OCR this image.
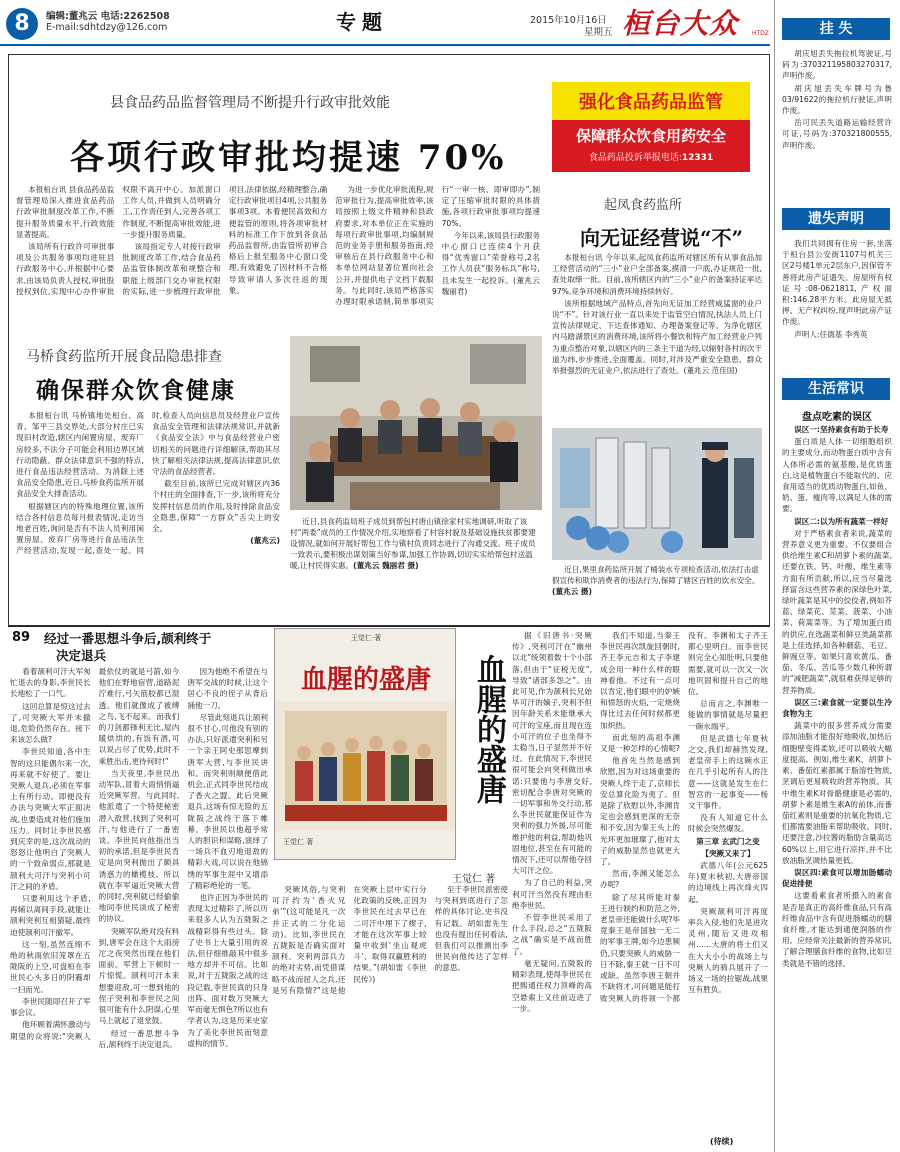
8	编辑:董兆云 电话:2262508
E-mail:sdhtdzy@126.com	专题	2015年10月16日
星期五 桓台大众 HTDZ
县食品药品监督管理局不断提升行政审批效能
各项行政审批均提速 70%

本报桓台讯 县食品药品监督管理局深入推进食品药品行政审批制度改革工作,不断提升服务质量水平,行政效能显著提高。

该局所有行政许可审批事项及公共服务事项均进驻县行政服务中心,并根据中心要求,由该局负责人授权,审批股授权到位,实现中心办件审批权限不离开中心。加派窗口工作人员,并做到人员明确分工,工作责任到人,完善各项工作制度,不断提高审批效能,进一步提升服务质量。

该局指定专人对接行政审批制度改革工作,结合食品药品监管体制改革和规整合和职能上级部门交办审批权限的实际,进一步梳理行政审批项目,法律依据,经精理整合,确定行政审批项目4项,公共服务事项3项。本着便民高效和方便监管的原则,将各项审批材料的标准工作下放到各食品药品监督所,由监管所初审合格后上报至服务中心窗口受理,有效避免了因材料不合格导致审请人多次往返的现象。

为进一步优化审批流程,规范审批行为,提高审批效率,该局按照上级文件精神和县政府要求,对本单位正在实施的每项行政审批事项,均编制规范的业务手册和服务指南,经审核后在县行政服务中心和本单位网站显著位置向社会公开,并提供电子文档下载服务。与此同时,该局严格落实办理时限承诺制,简单事项实行“一审一核、即审即办”,制定了压缩审批时限的具体措施,各项行政审批事项均提速70%。

今年以来,该局县行政服务中心窗口已连续4个月获得“优秀窗口”荣誉称号,2名工作人员获“服务标兵”称号,且未发生一起投诉。(董兆云 魏丽君)

强化食品药品监管
保障群众饮食用药安全
食品药品投诉举报电话:12331
起凤食药监所
向无证经营说“不”

本报桓台讯 今年以来,起凤食药监所对辖区所有从事食品加工经营活动的“三小”业户全部备案,摸清一户底,办证规范一批,查处取缔一批。目前,该所辖区内的“三小”业户的备案持证率达97%,竞争环境和消费环境持续转好。

该所根据地域产品特点,首先向无证加工经营威猛窗的业户说“不”。针对该行业一直以来处于监管空白情况,执法人员上门宣传法律规定、下达查体通知、办理备案登记等。为净化辖区内马踏湖景区的消费环境,该所将小餐饮和特产加工经营业户列为重点整治对象,以辖区内的三条主干道为经,以辐射各村的次干道为纬,步步推进,全面覆盖。同时,对涉及严重安全隐患、群众举报强烈的无证业户,依法进行了查处。(董兆云 范佳国)

近日,果里食药监所开展了桶装水专项检查活动,依法打击虚假宣传和欺诈消费者的违法行为,保障了辖区百姓的饮水安全。(董兆云 摄)
马桥食药监所开展食品隐患排查
确保群众饮食健康

本报桓台讯 马桥镇地处桓台、高青、邹平三县交界处,大部分村庄已实现旧村改造,辖区内闲置房屋、废弃厂房较多,不法分子可能会利用边界区域行动隐蔽、群众法律意识不强的特点,进行食品违法经营活动。为消除上述食品安全隐患,近日,马桥食药监所开展食品安全大排查活动。

根据辖区内的特殊地理位置,该所结合各村信息员每月报表情况,走访当地老百姓,询问是否有不法人员利用闲置房屋、废弃厂房等进行食品违法生产经营活动,发现一起,查处一起。同时,检查人员向信息员及经营业户宣传食品安全管理和法律法规常识,并就新《食品安全法》中与食品经营业户密切相关的问题进行详细解读,帮助其尽快了解相关法律法规,提高法律意识,依守法的食品经营者。

截至目前,该所已完成对辖区内36个村庄的全面排查,下一步,该所将充分发挥村信息员的作用,及时排除食品安全隐患,保障“一方群众”舌尖上的安全。

(董兆云)

近日,县食药监局班子成员到帮包村唐山镇徐家村实地调研,听取了该村“两委”成员的工作情况介绍,实地察看了村容村貌及基础设施扶贫都要建设情况,就如何开展好帮包工作与镇村负责同志进行了沟通交流。班子成员一致表示,要积极出谋划策当好参谋,加强工作协调,切切实实给帮包村送温暖,让村民得实惠。(董兆云 魏丽君 摄)
89 经过一番思想斗争后,颉利终于
决定退兵
王觉仁·著
血腥的盛唐
王觉仁 著
血腥的盛唐
王觉仁 著

看着颉利可汗大军匆忙退去的身影,李世民长长地松了一口气。

这回总算是惊这过去了,可突厥大军并未撤退,危险仍然存在。接下来该怎么做?

李世民知道,各中生智的这只能偶尔来一次,再来就不好使了。要让突厥人退兵,必须在军事上有所行动。即便没有办法与突厥大军正面决战,也要造成对他们施加压力。同时让李世民感到庆幸的是,这次战动的怒怒让他明白了突厥人的一个致命弱点,那就是颉利大可汗与突利小可汗之间的矛盾。

只要利用这个矛盾,再辅以离间手段,就能让颉利突利互相猜疑,最终迫使颉利可汗撤军。

这一刻,虽然连绵不绝的秋雨依旧笼罩在五陇阪的上空,可盘桓在李世民心头多日的阴霾却一扫而光。

李世民随即召开了军事会议。

他环顾着满怀激动与期望的众将说:“突厥人最依仗的就是弓箭,如今他们在野地宿营,道路泥泞难行,弓矢筋胶都已湿透。他们就像成了被缚之鸟,飞不起来。而我们的刀剑都锋利无比,屋内暖烘烘的,有饭有酒,可以说占尽了优势,此时不乘胜出击,更待何时!”

当天夜里,李世民出动军队,冒着大雨悄悄逼近突厥军营。与此同时,他派遣了一个特使秘密潜入敌营,找到了突利可汗,与他进行了一番密谈。李世民向他指出当初的承诺,但是李世民肯定是向突利抛出了颇具诱惑力的橄榄枝。所以就在李军逼近突厥大营的同时,突利就已经偷偷地同李世民谈成了秘密的协议。

突厥军队绝对没有料到,唐军会在这个大雨滂沱之夜突然出现在他们面前。军营上下顿时一片惊慌。颉利可汗本来想要迎敌,可一想到他的侄子突利和李世民之间很可能有什么阴谋,心里马上就起了退堂鼓。

经过一番思想斗争后,颉利终于决定退兵。

因为他绝不希望在与唐军交战的时候,让这个居心不良的侄子从背后捅他一刀。

尽管此刻退兵让颉利很不甘心,可他没有别的办法,只好派遣突利和另一个亲王阿史那思摩到唐军大营,与李世民讲和。而突利则顺便借此机会,正式同李世民结成了香火之盟。此后突厥退兵,这场有惊无险的五陇阪之战终于落下帷幕。李世民以他超乎常人的胆识和谋略,演绎了一场兵不血刃地退敌的精彩大戏,可以说在他锦绣的军事生涯中又增添了精彩绝伦的一笔。

也许正因为李世民的表现太过精彩了,所以历来很多人认为五陇阪之战精彩得有些过头。除了史书上大量引用的说法,但仔细推敲其中很多地方却并不可信。比如说,对于五陇阪之战的这段记载,李世民真的只身出阵、面对数万突厥大军而毫无惧色?所以也有学者认为,这是历来史家为了美化李世民而刻意虚构的情节。

突厥风俗,与突利可汗约为‘香火兄弟’”(这可能是凡一次并正式的二分化运动)。比如,李世民在五陇阪是否确实面对颉利、突利两部兵力的绝对劣势,而凭借谋略不战而屈人之兵,还是另有隐情?“这是他在突厥上层中实行分化政策的反映,正因为李世民在过去早已在二可汗中埋下了楔子,才能在这次军事上较量中收到‘坐山观虎斗’、取得双赢胜利的结果。”(胡如雷《李世民传》)

至于李世民派密使与突利到底进行了怎样的具体讨论,史书没有记载。胡如雷先生也没有提出任何看法,但我们可以推测出李世民向他传达了怎样的意思。

据《旧唐书·突厥传》,突利可汗在“幽州以北”统领着数十个小部落,但由于“征税无度”,导致“诸部多怨之”。由此可见,作为颉利长兄始毕可汗的嫡子,突利不但因年龄关系未能继承大可汗的宝座,而且现在连小可汗的位子也坐得不太稳当,日子显然并不好过。在此情况下,李世民很可能会向突利做出承诺:只要他与李唐交好,密切配合李唐对突厥的一切军事和外交行动,那么李世民就能保证作为突利的强力外援,尽可能维护他的利益,帮助他巩固地位,甚至在有可能的情况下,还可以帮他夺回大可汗之位。

为了自己的利益,突利可汗当然没有理由拒绝李世民。

不管李世民采用了什么手段,总之“五陇阪之战”确实是不战而胜了。

毫无疑问,五陇阪的精彩表现,使得李世民在把熙通往权力顶峰的高空悬索上又往前迈进了一步。

我们不知道,当秦王李世民再次凯旋回朝时,齐王李元吉和太子李建成会用一种什么样的眼神看他。不过有一点可以肯定,他们眼中的妒嫉和愤怒的火焰,一定烧烧得比过去任何时候都更加炽热。

而此刻的高祖李渊又是一种怎样的心情呢?

他首先当然是感到欣慰,因为对这场重要的突厥人终于走了,京师长安总算化险为夷了。但是除了欣慰以外,李渊肯定也会感到更深的无奈和不安,因为秦王头上的光环更加璀璨了,他对太子的威胁显然也就更大了。

然而,李渊又能怎么办呢?

除了尽其所能对秦王进行制约和防范之外,老皇帝还能做什么呢?毕竟秦王是帝国独一无二的军事王牌,如今边患频仍,只要突厥人的威胁一日不除,秦王就一日不可或缺。虽然李唐王朝并不缺将才,可问题是能打败突厥人的将领一个都没有。李渊和太子齐王都心里明白。而李世民则完全心知肚明,只要他需要,就可以一次又一次地巩固和提升自己的地位。

总而言之,李渊唯一能做的事情就是尽量把一碗水端平。

但是武德七年夏秋之交,我们却赫然发现,老皇帝手上的这碗水正在几乎引起所有人的注意——这就是发生在仁智宫的一起事变——杨文干事件。

没有人知道它什么时候会突然爆发。

第三章 玄武门之变

【突厥又来了】

武德八年(公元625年)夏末秋初,大唐帝国的边境线上再次烽火四起。

突厥颉利可汗再度率兵入侵,他们先是进攻灵州,随后又进攻相州……大唐的将士们又在大大小小的战场上与突厥人的骑兵展开了一场又一场的拉锯战,战果互有胜负。

(待续)
挂 失

胡庆旭丢失拖拉机驾驶证,号码为:370321195803270317,声明作废。

胡庆旭丢失车牌号为鲁03/91622的拖拉机行驶证,声明作废。

岳可民丢失道路运输经营许可证,号码为:370321800555,声明作废。

遗失声明

我们共同拥有住房一套,坐落于桓台县公安街1107号机关三区2号楼1单元2层东户,因保管不善将此房产证遗失。房屋所有权证号:08-0621811,产权面积:146.28平方米。此房屋无抵押、无产权纠纷,现声明此房产证作废。

声明人:任德基 李秀英

生活常识
盘点吃素的误区

误区一:坚持素食有助于长寿

蛋白质是人体一切细胞组织的主要成分,而动物蛋白质中含有人体所必需的氨基酸,是优质蛋白,这是植物蛋白不能取代的。应食用适当的优质动物蛋白,如鱼、奶、蛋、瘦肉等,以满足人体的需要。

误区二:以为所有蔬菜一样好

对于严格素食者来说,蔬菜的营养意义更为重要。不仅要组合供给维生素C和胡萝卜素的蔬菜,还要在铁、钙、叶酸、维生素等方面有所贡献,所以,应当尽量选择富含这些营养素的深绿色叶菜,绿叶蔬菜是其中的佼佼者,例如芥蓝、绿菜花、苋菜、菠菜、小油菜、荷蒿菜等。为了增加蛋白质的供应,在选蔬菜和鲜豆类蔬菜都是上佳选择,如各种蘑菇、毛豆、鲜豌豆等。如果只喜欢黄瓜、番茄、冬瓜、苦瓜等少数几种所谓的“减肥蔬菜”,就很难获得足够的营养物质。

误区三:素食就一定要以生冷食物为主

蔬菜中的很多营养成分需要添加油脂才能很好地吸收,加热后细胞壁变得柔软,还可以吸收大幅度提高。例如,维生素K、胡萝卜素、番茄红素都属于脂溶性物质,烹调后更易吸收的营养物质。其中维生素K对骨骼健康是必需的,胡萝卜素是维生素A的前体,而番茄红素则是重要的抗氧化物质,它们都需要油脂来帮助吸收。同时,还要注意,沙拉酱的脂肪含量高达60%以上,用它进行凉拌,并不比放油脂烹调热量更低。

误区四:素食可以增加肠蠕动促进排便

这要看素食者所摄入的素食是否是真正的高纤维食品,只有高纤维食品中含有促进肠蠕动的膳食纤维,才能达到通便润肠的作用。应经常关注最新的营养常识,了解合理膳食纤维的食物,比如豆类就是不错的选择。
